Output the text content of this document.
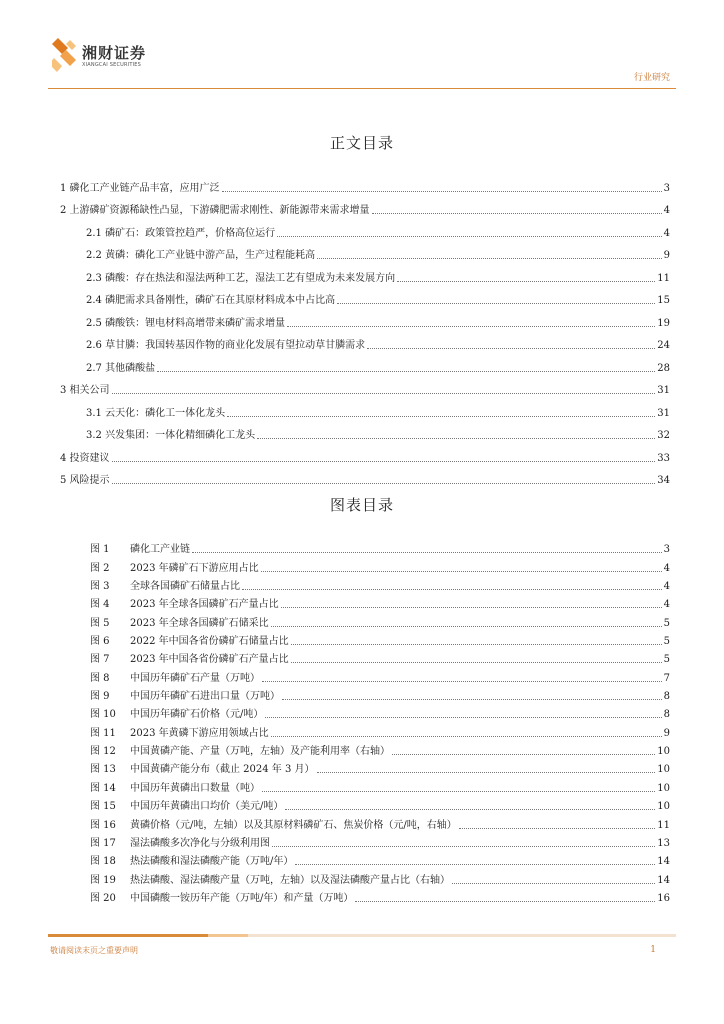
湘财证券
XIANGCAI SECURITIES
行业研究
正文目录
1 磷化工产业链产品丰富，应用广泛	3
2 上游磷矿资源稀缺性凸显，下游磷肥需求刚性、新能源带来需求增量	4
2.1 磷矿石：政策管控趋严，价格高位运行	4
2.2 黄磷：磷化工产业链中游产品，生产过程能耗高	9
2.3 磷酸：存在热法和湿法两种工艺，湿法工艺有望成为未来发展方向	11
2.4 磷肥需求具备刚性，磷矿石在其原材料成本中占比高	15
2.5 磷酸铁：锂电材料高增带来磷矿需求增量	19
2.6 草甘膦：我国转基因作物的商业化发展有望拉动草甘膦需求	24
2.7 其他磷酸盐	28
3 相关公司	31
3.1 云天化：磷化工一体化龙头	31
3.2 兴发集团：一体化精细磷化工龙头	32
4 投资建议	33
5 风险提示	34
图表目录
图 1	磷化工产业链	3
图 2	2023 年磷矿石下游应用占比	4
图 3	全球各国磷矿石储量占比	4
图 4	2023 年全球各国磷矿石产量占比	4
图 5	2023 年全球各国磷矿石储采比	5
图 6	2022 年中国各省份磷矿石储量占比	5
图 7	2023 年中国各省份磷矿石产量占比	5
图 8	中国历年磷矿石产量（万吨）	7
图 9	中国历年磷矿石进出口量（万吨）	8
图 10	中国历年磷矿石价格（元/吨）	8
图 11	2023 年黄磷下游应用领域占比	9
图 12	中国黄磷产能、产量（万吨，左轴）及产能利用率（右轴）	10
图 13	中国黄磷产能分布（截止 2024 年 3 月）	10
图 14	中国历年黄磷出口数量（吨）	10
图 15	中国历年黄磷出口均价（美元/吨）	10
图 16	黄磷价格（元/吨，左轴）以及其原材料磷矿石、焦炭价格（元/吨，右轴）	11
图 17	湿法磷酸多次净化与分级利用图	13
图 18	热法磷酸和湿法磷酸产能（万吨/年）	14
图 19	热法磷酸、湿法磷酸产量（万吨，左轴）以及湿法磷酸产量占比（右轴）	14
图 20	中国磷酸一铵历年产能（万吨/年）和产量（万吨）	16
敬请阅读末页之重要声明	1
